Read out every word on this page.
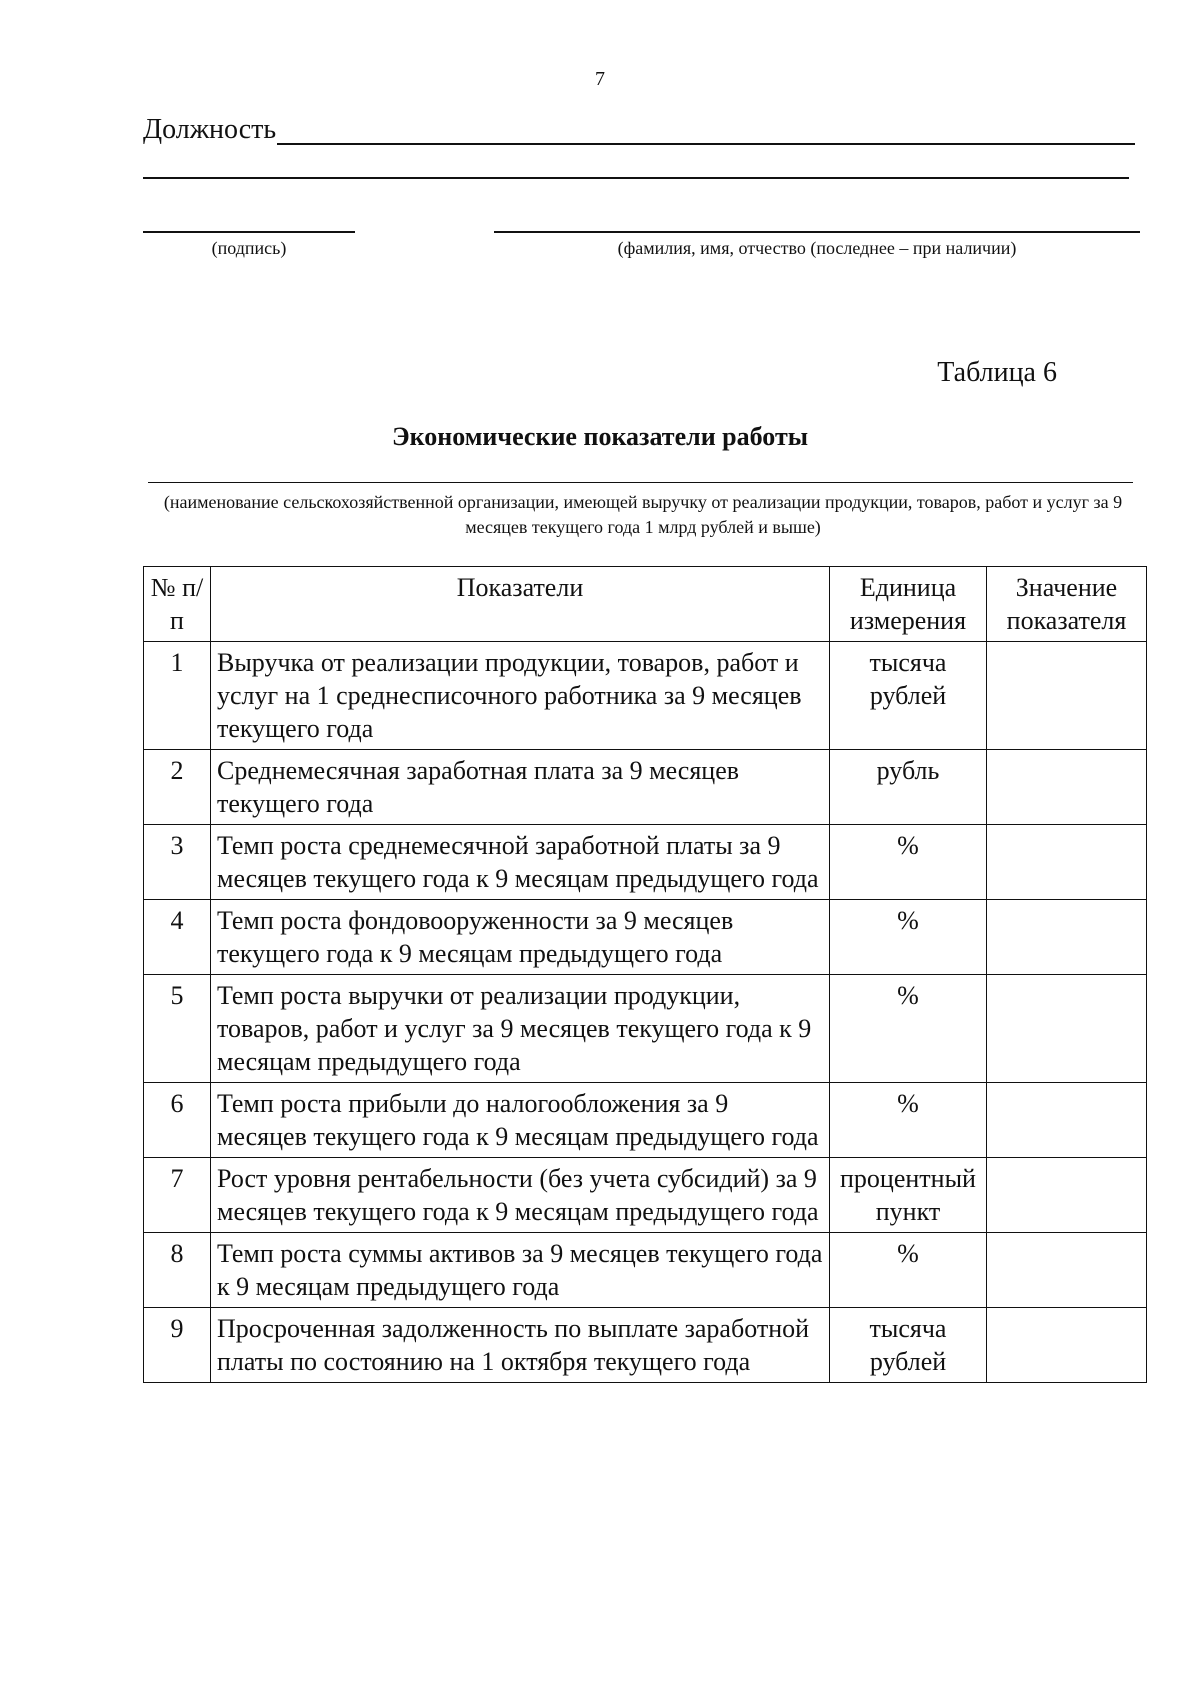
7
Должность
(подпись)	(фамилия, имя, отчество (последнее – при наличии)
Таблица 6
Экономические показатели работы
(наименование сельскохозяйственной организации, имеющей выручку от реализации продукции, товаров, работ и услуг за 9 месяцев текущего года 1 млрд рублей и выше)
№ п/п	Показатели	Единица измерения	Значение показателя
1	Выручка от реализации продукции, товаров, работ и услуг на 1 среднесписочного работника за 9 месяцев текущего года	тысяча рублей	
2	Среднемесячная заработная плата за 9 месяцев текущего года	рубль	
3	Темп роста среднемесячной заработной платы за 9 месяцев текущего года к 9 месяцам предыдущего года	%	
4	Темп роста фондовооруженности за 9 месяцев текущего года к 9 месяцам предыдущего года	%	
5	Темп роста выручки от реализации продукции, товаров, работ и услуг за 9 месяцев текущего года к 9 месяцам предыдущего года	%	
6	Темп роста прибыли до налогообложения за 9 месяцев текущего года к 9 месяцам предыдущего года	%	
7	Рост уровня рентабельности (без учета субсидий) за 9 месяцев текущего года к 9 месяцам предыдущего года	процентный пункт	
8	Темп роста суммы активов за 9 месяцев текущего года к 9 месяцам предыдущего года	%	
9	Просроченная задолженность по выплате заработной платы по состоянию на 1 октября текущего года	тысяча рублей	
